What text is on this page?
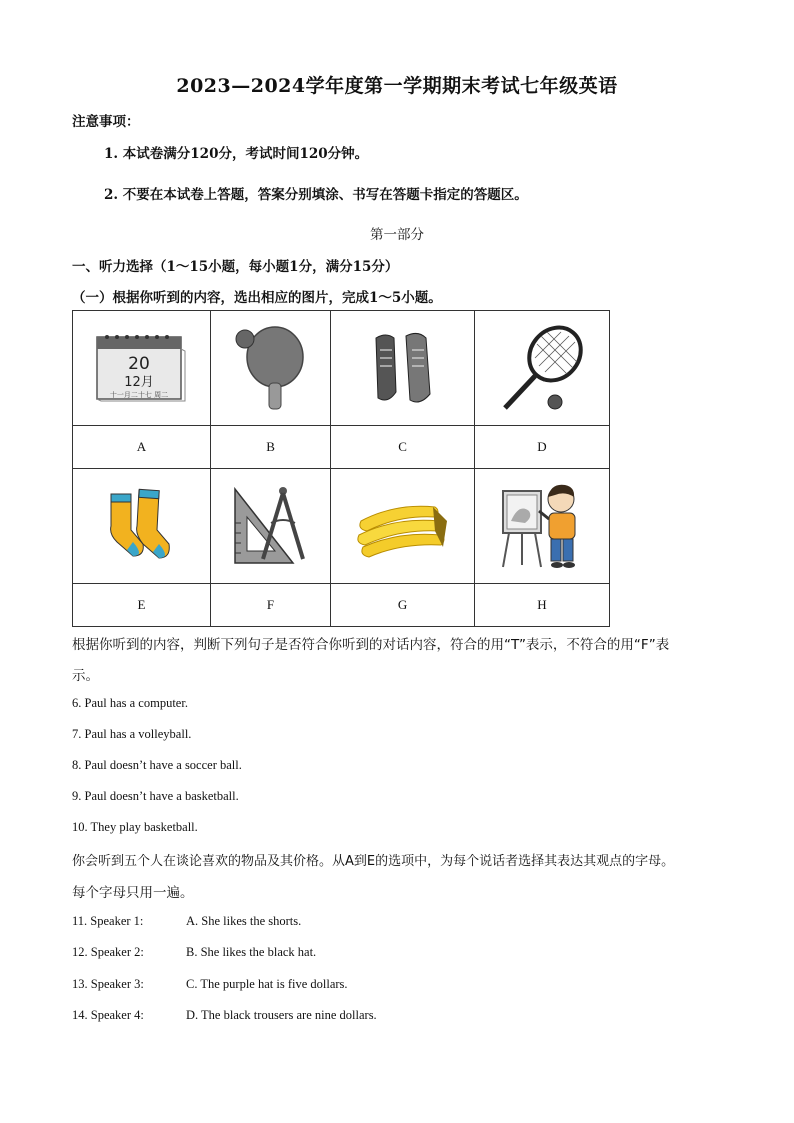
2023—2024学年度第一学期期末考试七年级英语
注意事项：
1. 本试卷满分120分，考试时间120分钟。
2. 不要在本试卷上答题，答案分别填涂、书写在答题卡指定的答题区。
第一部分
一、听力选择（1～15小题，每小题1分，满分15分）
（一）根据你听到的内容，选出相应的图片，完成1～5小题。
20
12月
十一月二十七 周二

A	B	C	D

E	F	G	H
根据你听到的内容，判断下列句子是否符合你听到的对话内容，符合的用“T”表示，不符合的用“F”表
示。
6. Paul has a computer.
7. Paul has a volleyball.
8. Paul doesn’t have a soccer ball.
9. Paul doesn’t have a basketball.
10. They play basketball.
你会听到五个人在谈论喜欢的物品及其价格。从A到E的选项中，为每个说话者选择其表达其观点的字母。
每个字母只用一遍。
11. Speaker 1:	A. She likes the shorts.
12. Speaker 2:	B. She likes the black hat.
13. Speaker 3:	C. The purple hat is five dollars.
14. Speaker 4:	D. The black trousers are nine dollars.
